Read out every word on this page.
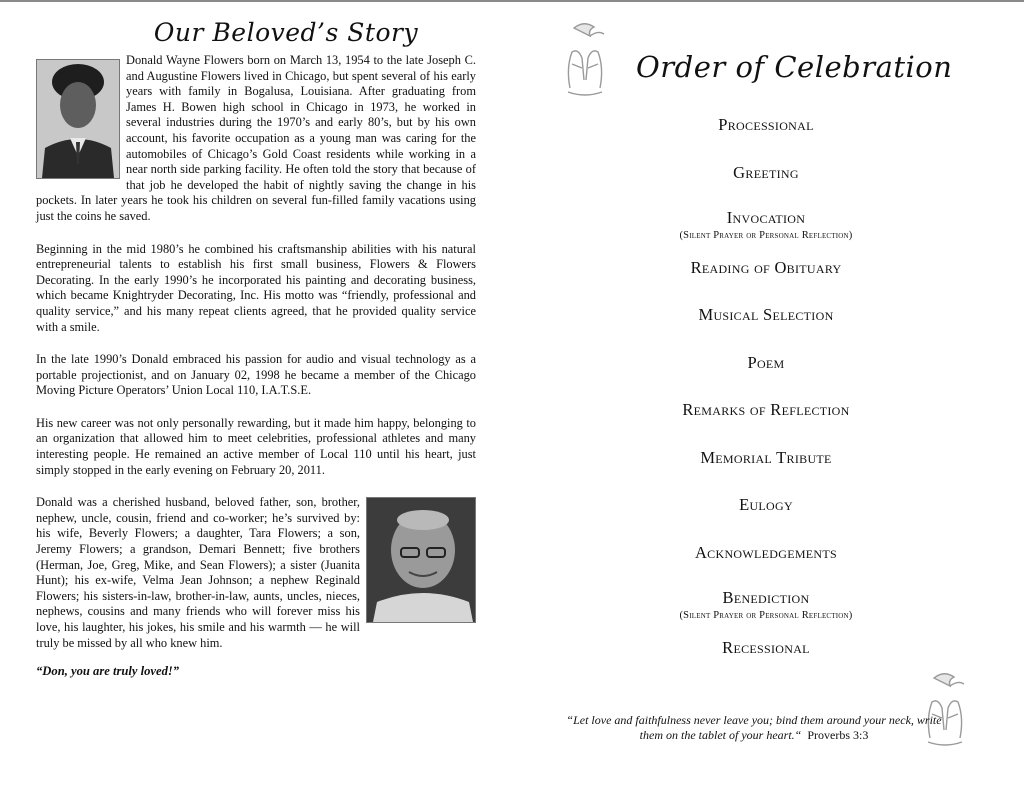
Our Beloved’s Story

Donald Wayne Flowers born on March 13, 1954 to the late Joseph C. and Augustine Flowers lived in Chicago, but spent several of his early years with family in Bogalusa, Louisiana. After graduating from James H. Bowen high school in Chicago in 1973, he worked in several industries during the 1970’s and early 80’s, but by his own account, his favorite occupation as a young man was caring for the automobiles of Chicago’s Gold Coast residents while working in a near north side parking facility. He often told the story that because of that job he developed the habit of nightly saving the change in his pockets. In later years he took his children on several fun-filled family vacations using just the coins he saved.

Beginning in the mid 1980’s he combined his craftsmanship abilities with his natural entrepreneurial talents to establish his first small business, Flowers & Flowers Decorating. In the early 1990’s he incorporated his painting and decorating business, which became Knightryder Decorating, Inc. His motto was “friendly, professional and quality service,” and his many repeat clients agreed, that he provided quality service with a smile.

In the late 1990’s Donald embraced his passion for audio and visual technology as a portable projectionist, and on January 02, 1998 he became a member of the Chicago Moving Picture Operators’ Union Local 110, I.A.T.S.E.

His new career was not only personally rewarding, but it made him happy, belonging to an organization that allowed him to meet celebrities, professional athletes and many interesting people. He remained an active member of Local 110 until his heart, just simply stopped in the early evening on February 20, 2011.

Donald was a cherished husband, beloved father, son, brother, nephew, uncle, cousin, friend and co-worker; he’s survived by: his wife, Beverly Flowers; a daughter, Tara Flowers; a son, Jeremy Flowers; a grandson, Demari Bennett; five brothers (Herman, Joe, Greg, Mike, and Sean Flowers); a sister (Juanita Hunt); his ex-wife, Velma Jean Johnson; a nephew Reginald Flowers; his sisters-in-law, brother-in-law, aunts, uncles, nieces, nephews, cousins and many friends who will forever miss his love, his laughter, his jokes, his smile and his warmth — he will truly be missed by all who knew him.

“Don, you are truly loved!”
Order of Celebration
Processional
Greeting
Invocation
(Silent Prayer or Personal Reflection)
Reading of Obituary
Musical Selection
Poem
Remarks of Reflection
Memorial Tribute
Eulogy
Acknowledgements
Benediction
(Silent Prayer or Personal Reflection)
Recessional
“Let love and faithfulness never leave you; bind them around your neck, write them on the tablet of your heart.“ Proverbs 3:3
